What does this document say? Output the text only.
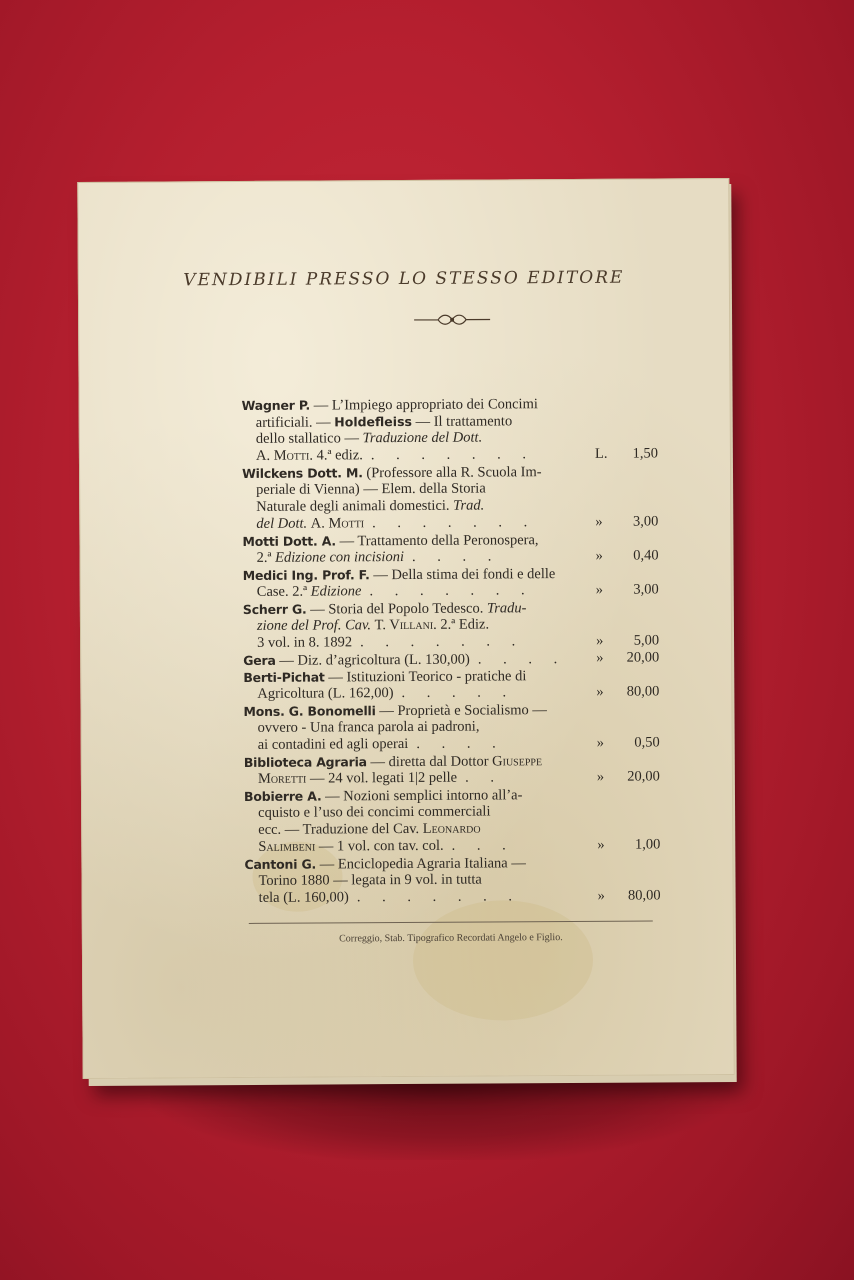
VENDIBILI PRESSO LO STESSO EDITORE
Wagner P. — L’Impiego appropriato dei Concimi
artificiali. — Holdefleiss — Il trattamento
dello stallatico — Traduzione del Dott.
A. Motti. 4.ª ediz. . . . . . . .	L. 1,50
Wilckens Dott. M. (Professore alla R. Scuola Im-
periale di Vienna) — Elem. della Storia
Naturale degli animali domestici. Trad.
del Dott. A. Motti . . . . . . .	» 3,00
Motti Dott. A. — Trattamento della Peronospera,
2.ª Edizione con incisioni . . . .	» 0,40
Medici Ing. Prof. F. — Della stima dei fondi e delle
Case. 2.ª Edizione . . . . . . .	» 3,00
Scherr G. — Storia del Popolo Tedesco. Tradu-
zione del Prof. Cav. T. Villani. 2.ª Ediz.
3 vol. in 8. 1892 . . . . . . .	» 5,00
Gera — Diz. d’agricoltura (L. 130,00) . . . . » 20,00
Berti-Pichat — Istituzioni Teorico - pratiche di
Agricoltura (L. 162,00) . . . . .	» 80,00
Mons. G. Bonomelli — Proprietà e Socialismo —
ovvero - Una franca parola ai padroni,
ai contadini ed agli operai . . . .	» 0,50
Biblioteca Agraria — diretta dal Dottor Giuseppe
Moretti — 24 vol. legati 1|2 pelle . .	» 20,00
Bobierre A. — Nozioni semplici intorno all’a-
cquisto e l’uso dei concimi commerciali
ecc. — Traduzione del Cav. Leonardo
Salimbeni — 1 vol. con tav. col. . . .	» 1,00
Cantoni G. — Enciclopedia Agraria Italiana —
Torino 1880 — legata in 9 vol. in tutta
tela (L. 160,00) . . . . . . .	» 80,00
Correggio, Stab. Tipografico Recordati Angelo e Figlio.
